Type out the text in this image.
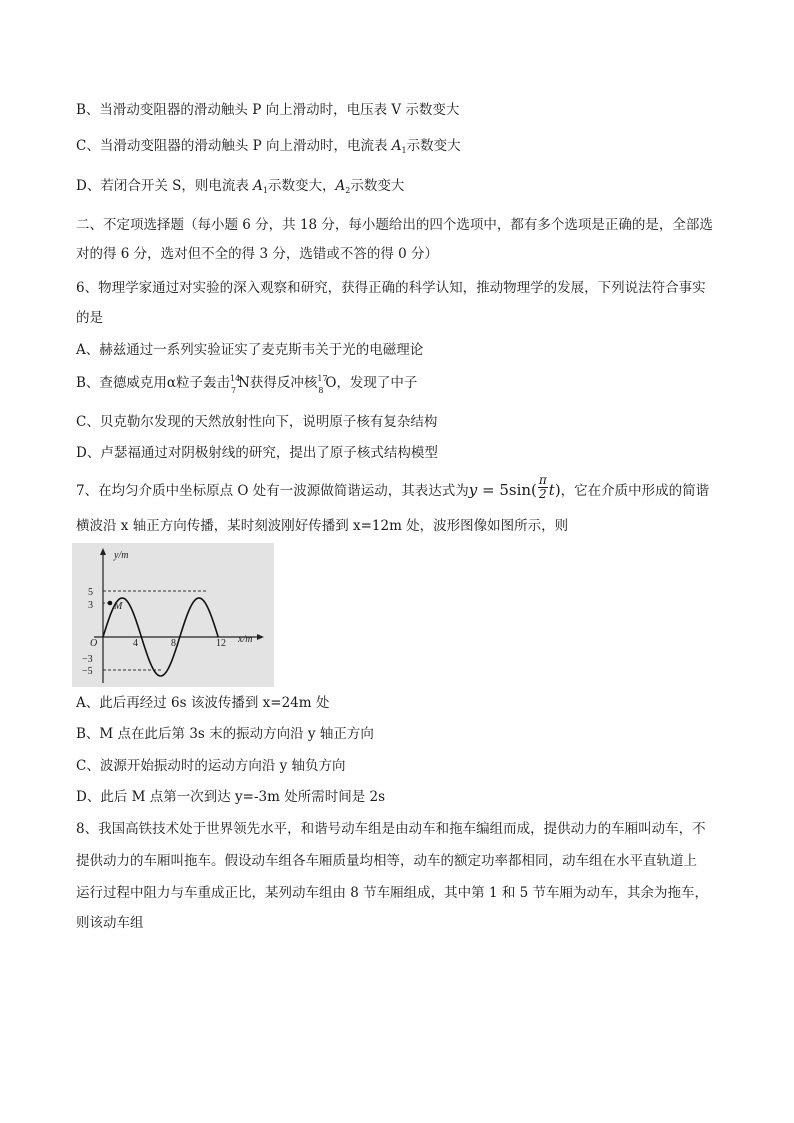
B、当滑动变阻器的滑动触头 P 向上滑动时，电压表 V 示数变大
C、当滑动变阻器的滑动触头 P 向上滑动时，电流表 $A_1$示数变大
D、若闭合开关 S，则电流表 $A_1$示数变大，$A_2$示数变大
二、不定项选择题（每小题 6 分，共 18 分，每小题给出的四个选项中，都有多个选项是正确的是，全部选
对的得 6 分，选对但不全的得 3 分，选错或不答的得 0 分）
6、物理学家通过对实验的深入观察和研究，获得正确的科学认知，推动物理学的发展，下列说法符合事实
的是
A、赫兹通过一系列实验证实了麦克斯韦关于光的电磁理论
B、查德威克用α粒子轰击 14
7 N获得反冲核 17
8 O，发现了中子
C、贝克勒尔发现的天然放射性向下，说明原子核有复杂结构
D、卢瑟福通过对阴极射线的研究，提出了原子核式结构模型
7、在均匀介质中坐标原点 O 处有一波源做简谐运动，其表达式为$y = 5\sin( \frac{\pi}{2} t)$，它在介质中形成的简谐
横波沿 x 轴正方向传播，某时刻波刚好传播到 x=12m 处，波形图像如图所示，则
y/m
x/m
O
5
3
−3
−5
4	8	12
M
A、此后再经过 6s 该波传播到 x=24m 处
B、M 点在此后第 3s 末的振动方向沿 y 轴正方向
C、波源开始振动时的运动方向沿 y 轴负方向
D、此后 M 点第一次到达 y=-3m 处所需时间是 2s
8、我国高铁技术处于世界领先水平，和谐号动车组是由动车和拖车编组而成，提供动力的车厢叫动车，不
提供动力的车厢叫拖车。假设动车组各车厢质量均相等，动车的额定功率都相同，动车组在水平直轨道上
运行过程中阻力与车重成正比，某列动车组由 8 节车厢组成，其中第 1 和 5 节车厢为动车，其余为拖车，
则该动车组
